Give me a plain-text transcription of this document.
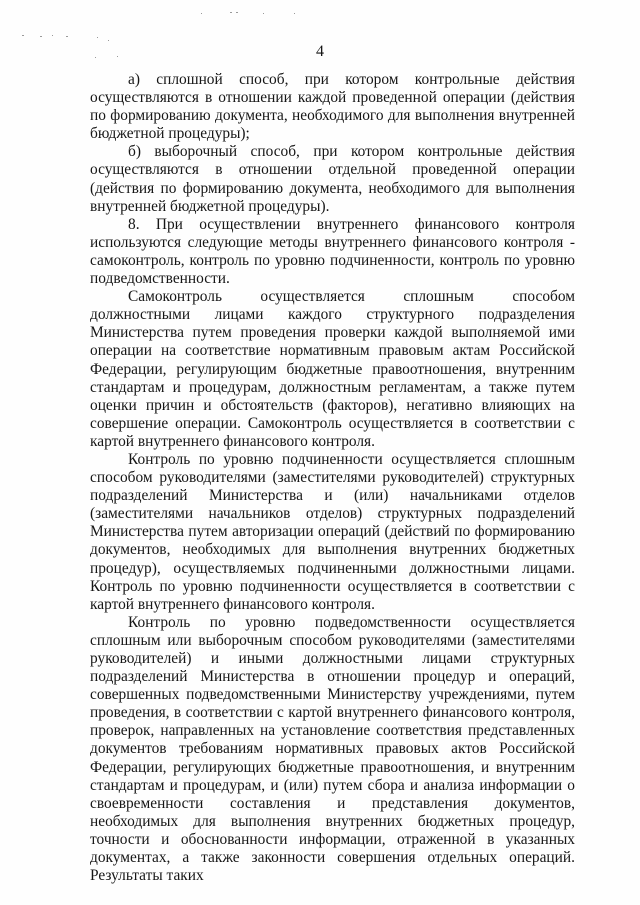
4

а) сплошной способ, при котором контрольные действия осуществляются в отношении каждой проведенной операции (действия по формированию документа, необходимого для выполнения внутренней бюджетной процедуры);

б) выборочный способ, при котором контрольные действия осуществляются в отношении отдельной проведенной операции (действия по формированию документа, необходимого для выполнения внутренней бюджетной процедуры).

8. При осуществлении внутреннего финансового контроля используются следующие методы внутреннего финансового контроля - самоконтроль, контроль по уровню подчиненности, контроль по уровню подведомственности.

Самоконтроль осуществляется сплошным способом должностными лицами каждого структурного подразделения Министерства путем проведения проверки каждой выполняемой ими операции на соответствие нормативным правовым актам Российской Федерации, регулирующим бюджетные правоотношения, внутренним стандартам и процедурам, должностным регламентам, а также путем оценки причин и обстоятельств (факторов), негативно влияющих на совершение операции. Самоконтроль осуществляется в соответствии с картой внутреннего финансового контроля.

Контроль по уровню подчиненности осуществляется сплошным способом руководителями (заместителями руководителей) структурных подразделений Министерства и (или) начальниками отделов (заместителями начальников отделов) структурных подразделений Министерства путем авторизации операций (действий по формированию документов, необходимых для выполнения внутренних бюджетных процедур), осуществляемых подчиненными должностными лицами. Контроль по уровню подчиненности осуществляется в соответствии с картой внутреннего финансового контроля.

Контроль по уровню подведомственности осуществляется сплошным или выборочным способом руководителями (заместителями руководителей) и иными должностными лицами структурных подразделений Министерства в отношении процедур и операций, совершенных подведомственными Министерству учреждениями, путем проведения, в соответствии с картой внутреннего финансового контроля, проверок, направленных на установление соответствия представленных документов требованиям нормативных правовых актов Российской Федерации, регулирующих бюджетные правоотношения, и внутренним стандартам и процедурам, и (или) путем сбора и анализа информации о своевременности составления и представления документов, необходимых для выполнения внутренних бюджетных процедур, точности и обоснованности информации, отраженной в указанных документах, а также законности совершения отдельных операций. Результаты таких
